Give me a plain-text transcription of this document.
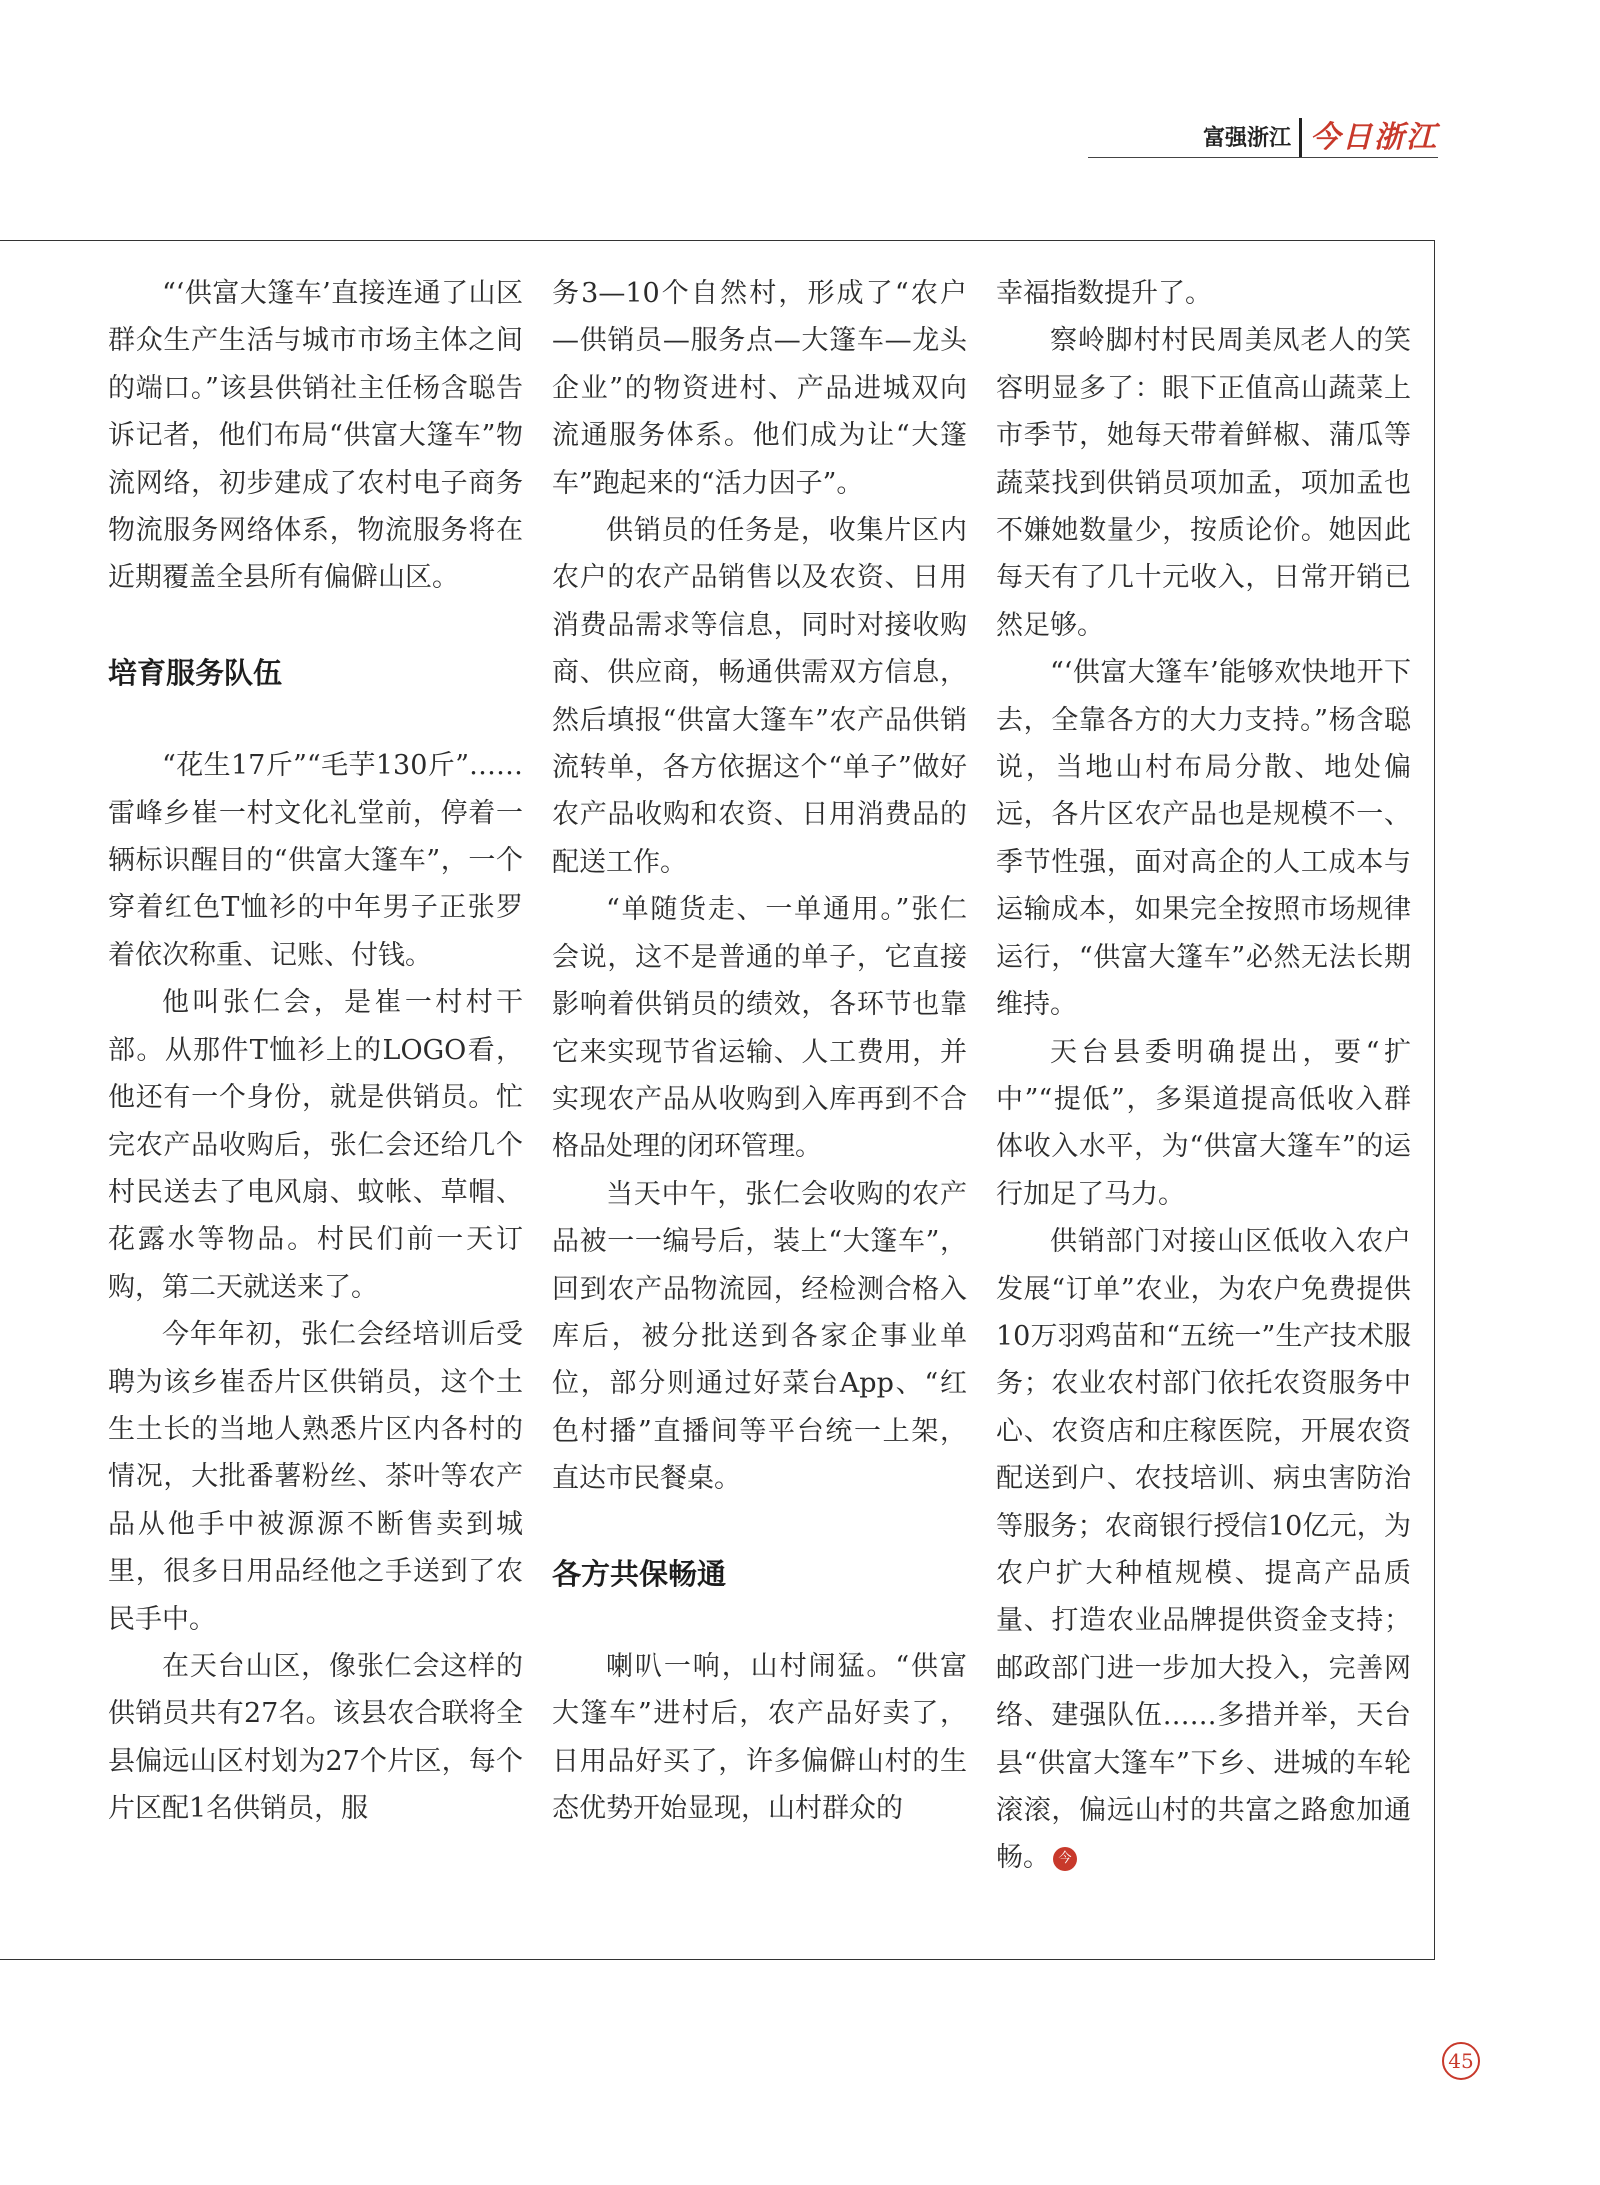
富强浙江 今日浙江

“‘供富大篷车’直接连通了山区群众生产生活与城市市场主体之间的端口。”该县供销社主任杨含聪告诉记者，他们布局“供富大篷车”物流网络，初步建成了农村电子商务物流服务网络体系，物流服务将在近期覆盖全县所有偏僻山区。

培育服务队伍

“花生17斤”“毛芋130斤”……雷峰乡崔一村文化礼堂前，停着一辆标识醒目的“供富大篷车”，一个穿着红色T恤衫的中年男子正张罗着依次称重、记账、付钱。

他叫张仁会，是崔一村村干部。从那件T恤衫上的LOGO看，他还有一个身份，就是供销员。忙完农产品收购后，张仁会还给几个村民送去了电风扇、蚊帐、草帽、花露水等物品。村民们前一天订购，第二天就送来了。

今年年初，张仁会经培训后受聘为该乡崔岙片区供销员，这个土生土长的当地人熟悉片区内各村的情况，大批番薯粉丝、茶叶等农产品从他手中被源源不断售卖到城里，很多日用品经他之手送到了农民手中。

在天台山区，像张仁会这样的供销员共有27名。该县农合联将全县偏远山区村划为27个片区，每个片区配1名供销员，服

务3—10个自然村，形成了“农户—供销员—服务点—大篷车—龙头企业”的物资进村、产品进城双向流通服务体系。他们成为让“大篷车”跑起来的“活力因子”。

供销员的任务是，收集片区内农户的农产品销售以及农资、日用消费品需求等信息，同时对接收购商、供应商，畅通供需双方信息，然后填报“供富大篷车”农产品供销流转单，各方依据这个“单子”做好农产品收购和农资、日用消费品的配送工作。

“单随货走、一单通用。”张仁会说，这不是普通的单子，它直接影响着供销员的绩效，各环节也靠它来实现节省运输、人工费用，并实现农产品从收购到入库再到不合格品处理的闭环管理。

当天中午，张仁会收购的农产品被一一编号后，装上“大篷车”，回到农产品物流园，经检测合格入库后，被分批送到各家企事业单位，部分则通过好菜台App、“红色村播”直播间等平台统一上架，直达市民餐桌。

各方共保畅通

喇叭一响，山村闹猛。“供富大篷车”进村后，农产品好卖了，日用品好买了，许多偏僻山村的生态优势开始显现，山村群众的

幸福指数提升了。

察岭脚村村民周美凤老人的笑容明显多了：眼下正值高山蔬菜上市季节，她每天带着鲜椒、蒲瓜等蔬菜找到供销员项加孟，项加孟也不嫌她数量少，按质论价。她因此每天有了几十元收入，日常开销已然足够。

“‘供富大篷车’能够欢快地开下去，全靠各方的大力支持。”杨含聪说，当地山村布局分散、地处偏远，各片区农产品也是规模不一、季节性强，面对高企的人工成本与运输成本，如果完全按照市场规律运行，“供富大篷车”必然无法长期维持。

天台县委明确提出，要“扩中”“提低”，多渠道提高低收入群体收入水平，为“供富大篷车”的运行加足了马力。

供销部门对接山区低收入农户发展“订单”农业，为农户免费提供10万羽鸡苗和“五统一”生产技术服务；农业农村部门依托农资服务中心、农资店和庄稼医院，开展农资配送到户、农技培训、病虫害防治等服务；农商银行授信10亿元，为农户扩大种植规模、提高产品质量、打造农业品牌提供资金支持；邮政部门进一步加大投入，完善网络、建强队伍……多措并举，天台县“供富大篷车”下乡、进城的车轮滚滚，偏远山村的共富之路愈加通畅。 今

45
